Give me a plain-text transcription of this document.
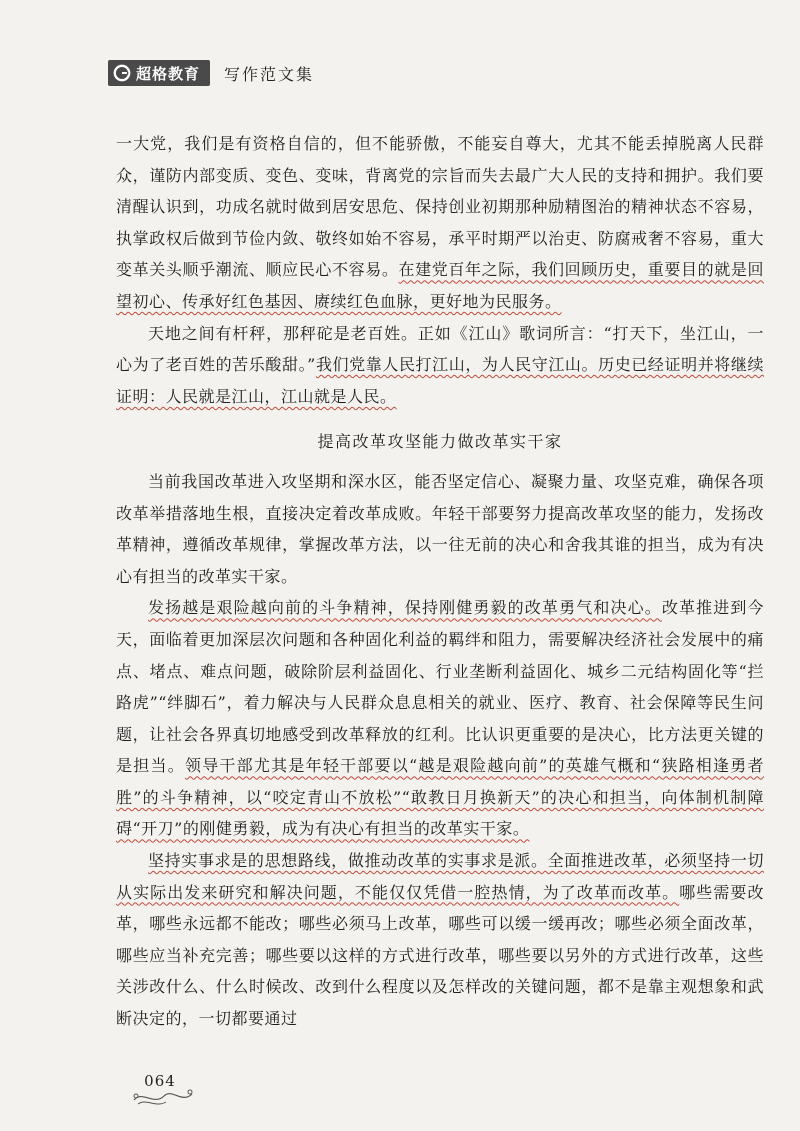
超格教育 写作范文集

一大党，我们是有资格自信的，但不能骄傲，不能妄自尊大，尤其不能丢掉脱离人民群众，谨防内部变质、变色、变味，背离党的宗旨而失去最广大人民的支持和拥护。我们要清醒认识到，功成名就时做到居安思危、保持创业初期那种励精图治的精神状态不容易，执掌政权后做到节俭内敛、敬终如始不容易，承平时期严以治吏、防腐戒奢不容易，重大变革关头顺乎潮流、顺应民心不容易。在建党百年之际，我们回顾历史，重要目的就是回望初心、传承好红色基因、赓续红色血脉，更好地为民服务。

天地之间有杆秤，那秤砣是老百姓。正如《江山》歌词所言：“打天下，坐江山，一心为了老百姓的苦乐酸甜。”我们党靠人民打江山，为人民守江山。历史已经证明并将继续证明：人民就是江山，江山就是人民。

提高改革攻坚能力做改革实干家

当前我国改革进入攻坚期和深水区，能否坚定信心、凝聚力量、攻坚克难，确保各项改革举措落地生根，直接决定着改革成败。年轻干部要努力提高改革攻坚的能力，发扬改革精神，遵循改革规律，掌握改革方法，以一往无前的决心和舍我其谁的担当，成为有决心有担当的改革实干家。

发扬越是艰险越向前的斗争精神，保持刚健勇毅的改革勇气和决心。改革推进到今天，面临着更加深层次问题和各种固化利益的羁绊和阻力，需要解决经济社会发展中的痛点、堵点、难点问题，破除阶层利益固化、行业垄断利益固化、城乡二元结构固化等“拦路虎”“绊脚石”，着力解决与人民群众息息相关的就业、医疗、教育、社会保障等民生问题，让社会各界真切地感受到改革释放的红利。比认识更重要的是决心，比方法更关键的是担当。领导干部尤其是年轻干部要以“越是艰险越向前”的英雄气概和“狭路相逢勇者胜”的斗争精神，以“咬定青山不放松”“敢教日月换新天”的决心和担当，向体制机制障碍“开刀”的刚健勇毅，成为有决心有担当的改革实干家。

坚持实事求是的思想路线，做推动改革的实事求是派。全面推进改革，必须坚持一切从实际出发来研究和解决问题，不能仅仅凭借一腔热情，为了改革而改革。哪些需要改革，哪些永远都不能改；哪些必须马上改革，哪些可以缓一缓再改；哪些必须全面改革，哪些应当补充完善；哪些要以这样的方式进行改革，哪些要以另外的方式进行改革，这些关涉改什么、什么时候改、改到什么程度以及怎样改的关键问题，都不是靠主观想象和武断决定的，一切都要通过

064
